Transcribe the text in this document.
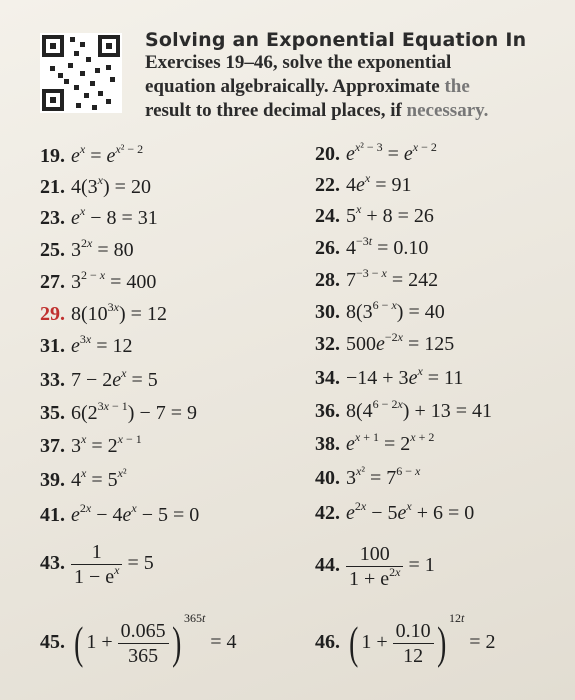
Solving an Exponential Equation In
Exercises 19–46, solve the exponential
equation algebraically. Approximate the
result to three decimal places, if necessary.
19. $e^x = e^{x^2 - 2}$	20. $e^{x^2 - 3} = e^{x - 2}$
21. $4(3^x) = 20$	22. $4e^x = 91$
23. $e^x - 8 = 31$	24. $5^x + 8 = 26$
25. $3^{2x} = 80$	26. $4^{-3t} = 0.10$
27. $3^{2 - x} = 400$	28. $7^{-3 - x} = 242$
29. $8(10^{3x}) = 12$	30. $8(3^{6 - x}) = 40$
31. $e^{3x} = 12$	32. $500e^{-2x} = 125$
33. $7 - 2e^x = 5$	34. $-14 + 3e^x = 11$
35. $6(2^{3x - 1}) - 7 = 9$	36. $8(4^{6 - 2x}) + 13 = 41$
37. $3^x = 2^{x - 1}$	38. $e^{x + 1} = 2^{x + 2}$
39. $4^x = 5^{x^2}$	40. $3^{x^2} = 7^{6 - x}$
41. $e^{2x} - 4e^x - 5 = 0$	42. $e^{2x} - 5e^x + 6 = 0$
43. $\frac{1}{1 - e^x} = 5$	44. $\frac{100}{1 + e^{2x}} = 1$
45. ( $1 + \frac{0.065}{365}$ ) $^{365t}$ = 4	46. ( $1 + \frac{0.10}{12}$ ) $^{12t}$ = 2
